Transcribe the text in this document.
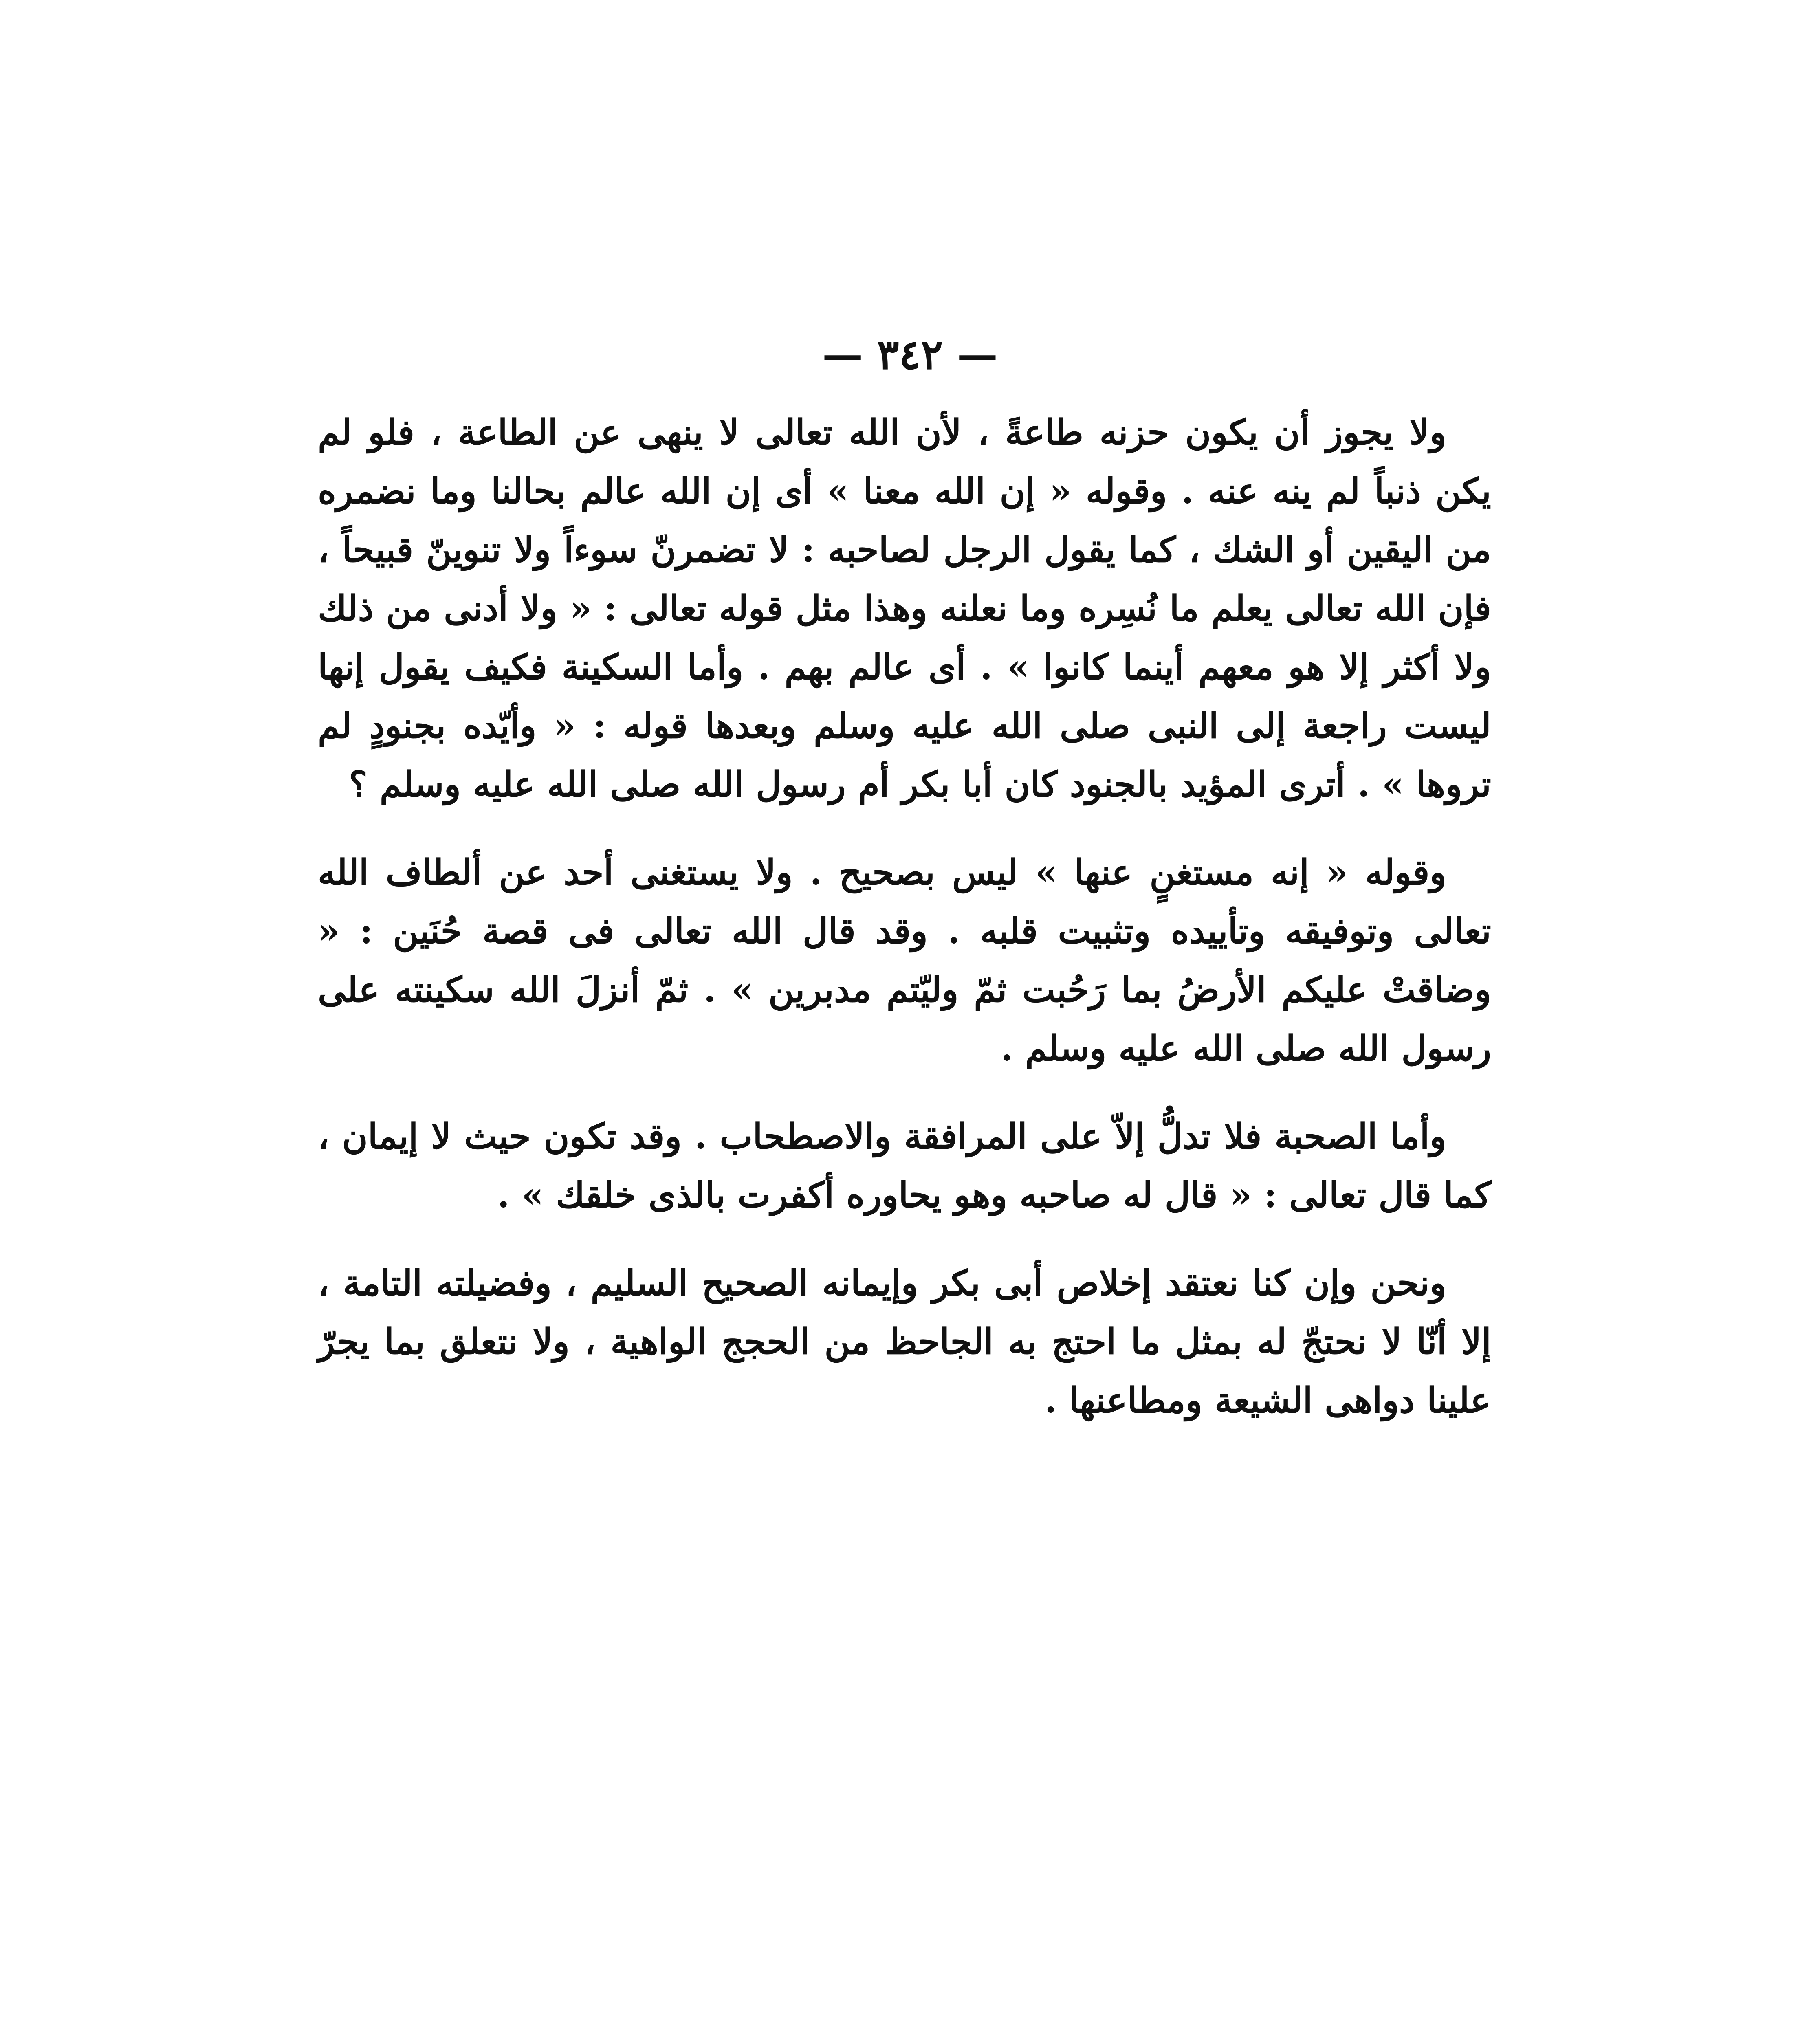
— ٣٤٢ —

ولا يجوز أن يكون حزنه طاعةً ، لأن الله تعالى لا ينهى عن الطاعة ، فلو لم يكن ذنباً لم ينه عنه . وقوله « إن الله معنا » أى إن الله عالم بحالنا وما نضمره من اليقين أو الشك ، كما يقول الرجل لصاحبه : لا تضمرنّ سوءاً ولا تنوينّ قبيحاً ، فإن الله تعالى يعلم ما نُسِره وما نعلنه وهذا مثل قوله تعالى : « ولا أدنى من ذلك ولا أكثر إلا هو معهم أينما كانوا » . أى عالم بهم . وأما السكينة فكيف يقول إنها ليست راجعة إلى النبى صلى الله عليه وسلم وبعدها قوله : « وأيّده بجنودٍ لم تروها » . أترى المؤيد بالجنود كان أبا بكر أم رسول الله صلى الله عليه وسلم ؟

وقوله « إنه مستغنٍ عنها » ليس بصحيح . ولا يستغنى أحد عن ألطاف الله تعالى وتوفيقه وتأييده وتثبيت قلبه . وقد قال الله تعالى فى قصة حُنَين : « وضاقتْ عليكم الأرضُ بما رَحُبت ثمّ وليّتم مدبرين » . ثمّ أنزلَ الله سكينته على رسول الله صلى الله عليه وسلم .

وأما الصحبة فلا تدلُّ إلاّ على المرافقة والاصطحاب . وقد تكون حيث لا إيمان ، كما قال تعالى : « قال له صاحبه وهو يحاوره أكفرت بالذى خلقك » .

ونحن وإن كنا نعتقد إخلاص أبى بكر وإيمانه الصحيح السليم ، وفضيلته التامة ، إلا أنّا لا نحتجّ له بمثل ما احتج به الجاحظ من الحجج الواهية ، ولا نتعلق بما يجرّ علينا دواهى الشيعة ومطاعنها .
